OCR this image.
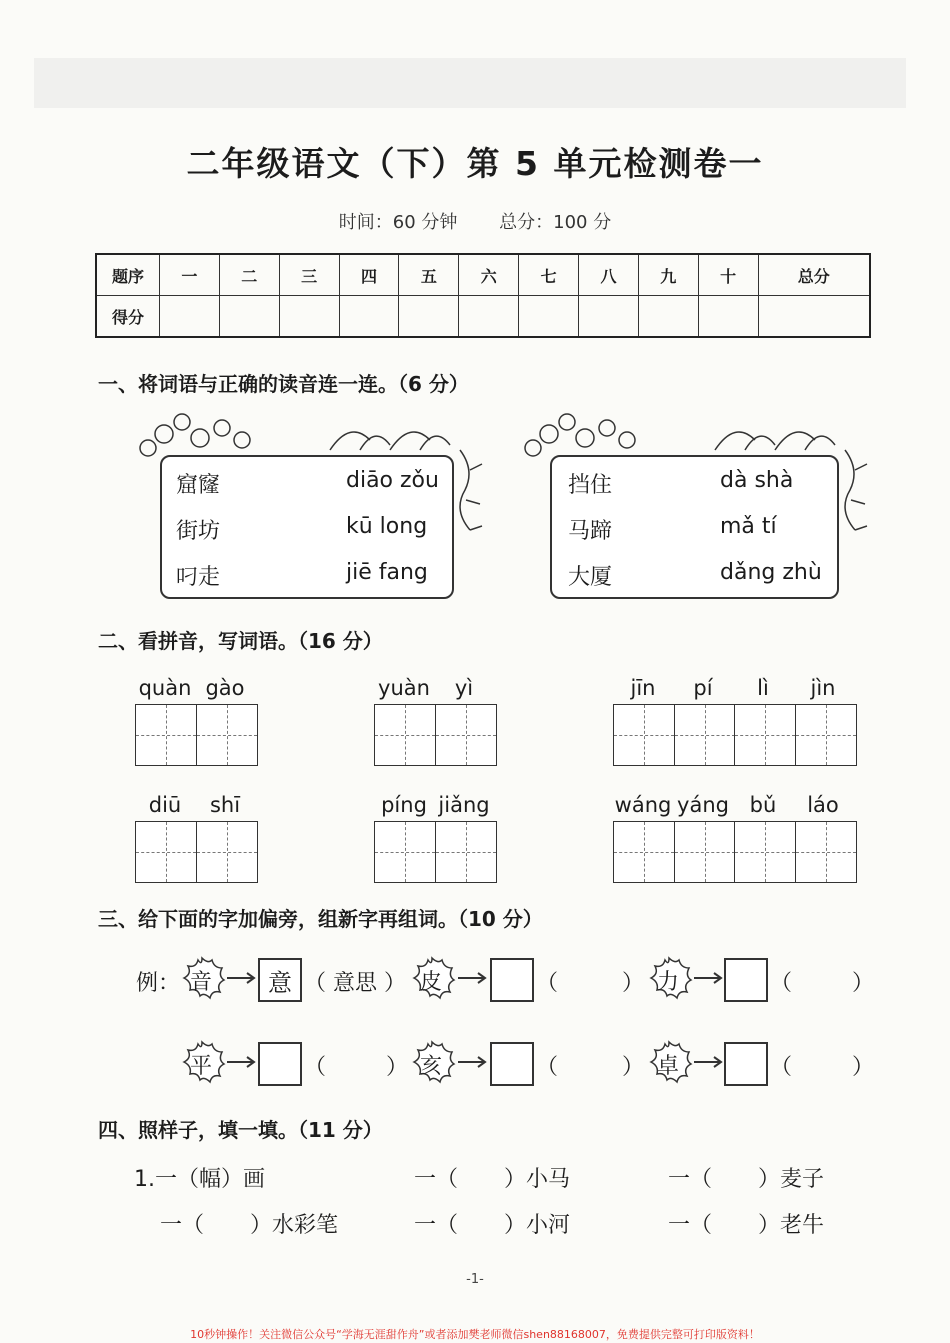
二年级语文（下）第 5 单元检测卷一
时间：60 分钟 总分：100 分
题序	一	二	三	四	五	六	七	八	九	十	总分
得分											
一、将词语与正确的读音连一连。（6 分）
窟窿
街坊
叼走
diāo zǒu
kū long
jiē fang
挡住
马蹄
大厦
dà shà
mǎ tí
dǎng zhù
二、看拼音，写词语。（16 分）
quàn gào	yuàn	yì	jīn	pí	lì	jìn
diū	shī	píng jiǎng	wáng yáng bǔ	láo
三、给下面的字加偏旁，组新字再组词。（10 分）
例： 音	意 （ 意思 ） 皮	（	） 力	（	）
平	（	） 亥	（	） 卓	（	）
四、照样子，填一填。（11 分）
1.一（幅）画	一（ ）小马	一（ ）麦子
一（ ）水彩笔	一（ ）小河	一（ ）老牛
-1-
10秒钟操作！关注微信公众号“学海无涯甜作舟”或者添加樊老师微信shen88168007，免费提供完整可打印版资料！
